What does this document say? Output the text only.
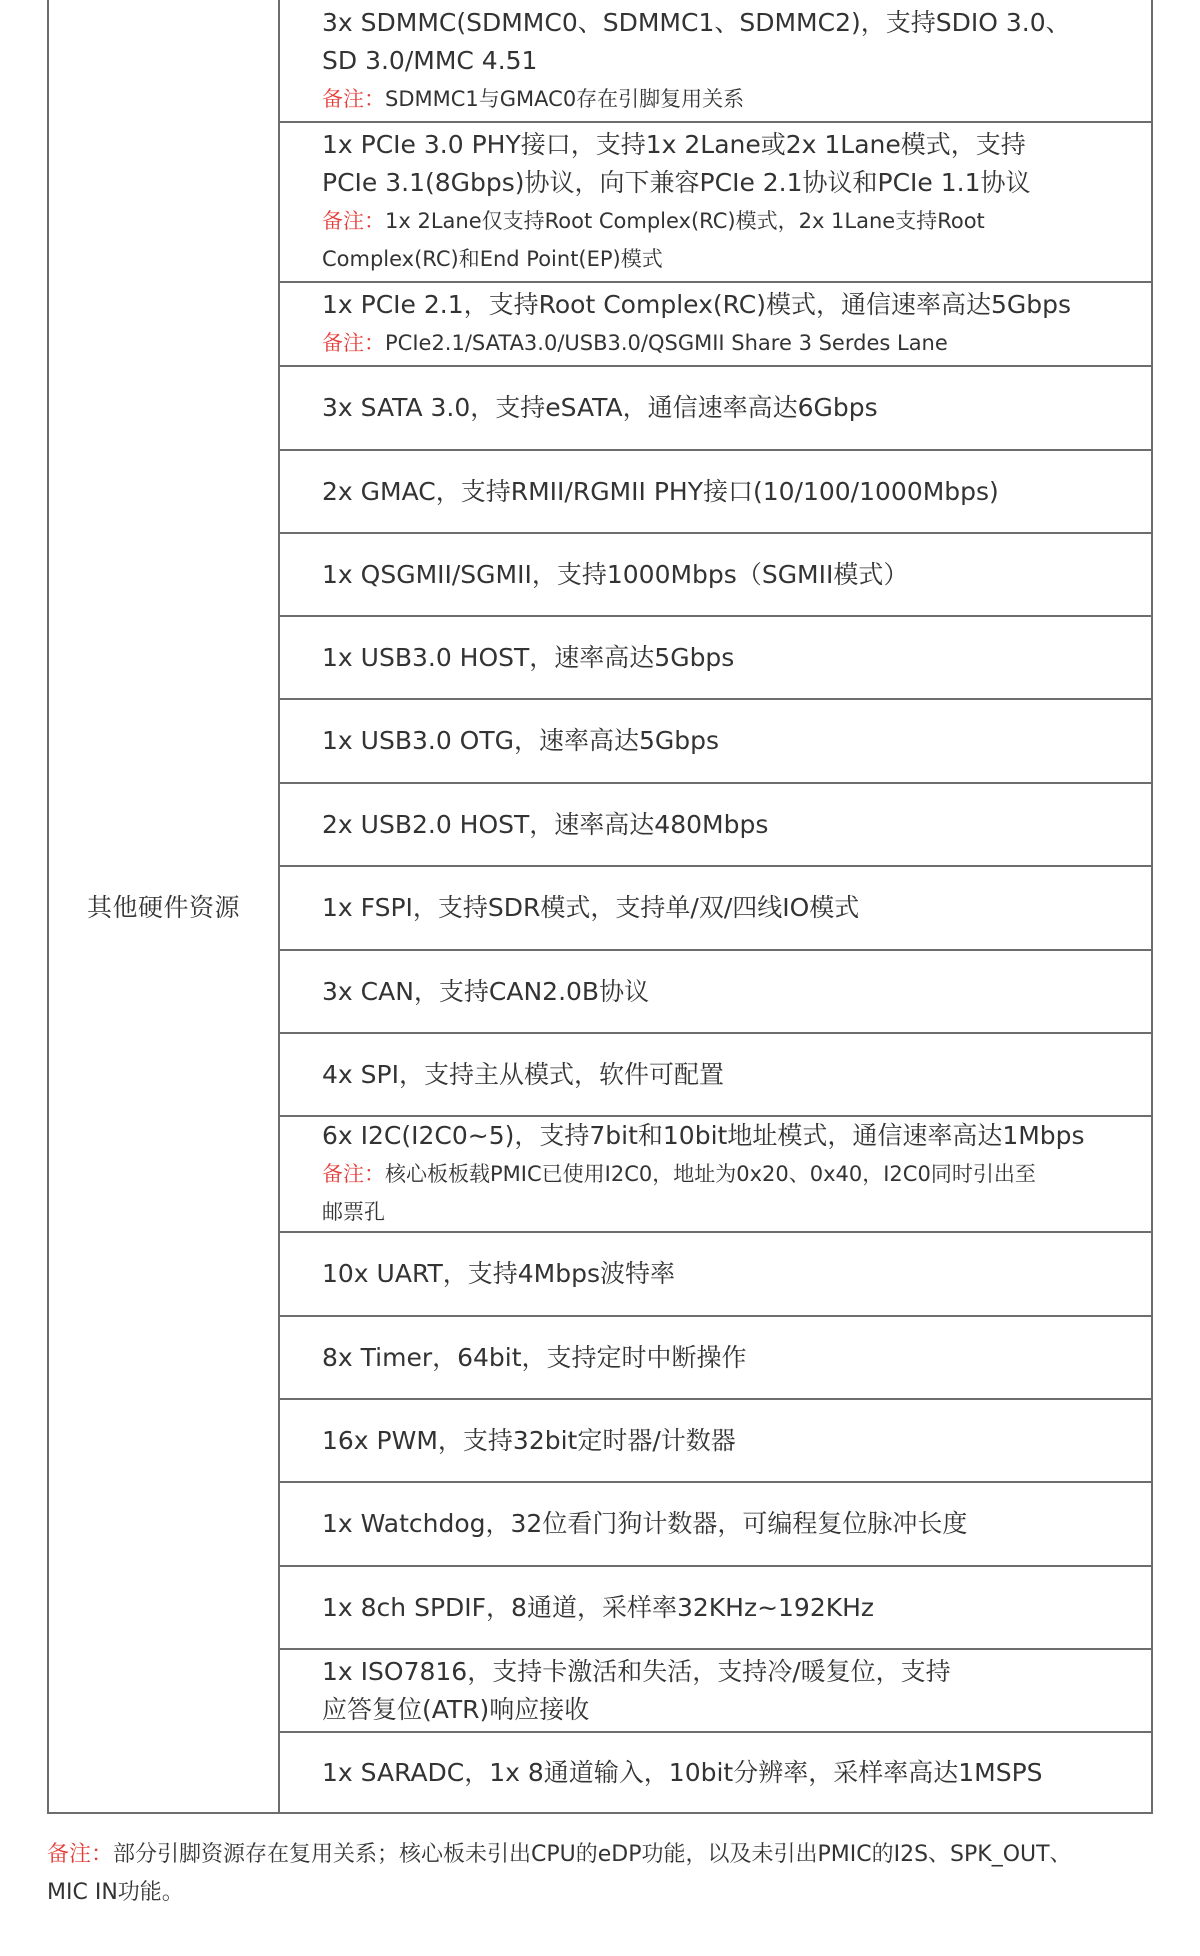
其他硬件资源
3x SDMMC(SDMMC0、SDMMC1、SDMMC2)，支持SDIO 3.0、
SD 3.0/MMC 4.51
备注：SDMMC1与GMAC0存在引脚复用关系
1x PCIe 3.0 PHY接口，支持1x 2Lane或2x 1Lane模式，支持
PCIe 3.1(8Gbps)协议，向下兼容PCIe 2.1协议和PCIe 1.1协议
备注：1x 2Lane仅支持Root Complex(RC)模式，2x 1Lane支持Root
Complex(RC)和End Point(EP)模式
1x PCIe 2.1，支持Root Complex(RC)模式，通信速率高达5Gbps
备注：PCIe2.1/SATA3.0/USB3.0/QSGMII Share 3 Serdes Lane
3x SATA 3.0，支持eSATA，通信速率高达6Gbps
2x GMAC，支持RMII/RGMII PHY接口(10/100/1000Mbps)
1x QSGMII/SGMII，支持1000Mbps（SGMII模式）
1x USB3.0 HOST，速率高达5Gbps
1x USB3.0 OTG，速率高达5Gbps
2x USB2.0 HOST，速率高达480Mbps
1x FSPI，支持SDR模式，支持单/双/四线IO模式
3x CAN，支持CAN2.0B协议
4x SPI，支持主从模式，软件可配置
6x I2C(I2C0~5)，支持7bit和10bit地址模式，通信速率高达1Mbps
备注：核心板板载PMIC已使用I2C0，地址为0x20、0x40，I2C0同时引出至
邮票孔
10x UART，支持4Mbps波特率
8x Timer，64bit，支持定时中断操作
16x PWM，支持32bit定时器/计数器
1x Watchdog，32位看门狗计数器，可编程复位脉冲长度
1x 8ch SPDIF，8通道，采样率32KHz~192KHz
1x ISO7816，支持卡激活和失活，支持冷/暖复位，支持
应答复位(ATR)响应接收
1x SARADC，1x 8通道输入，10bit分辨率，采样率高达1MSPS
备注：部分引脚资源存在复用关系；核心板未引出CPU的eDP功能，以及未引出PMIC的I2S、SPK_OUT、
MIC IN功能。
